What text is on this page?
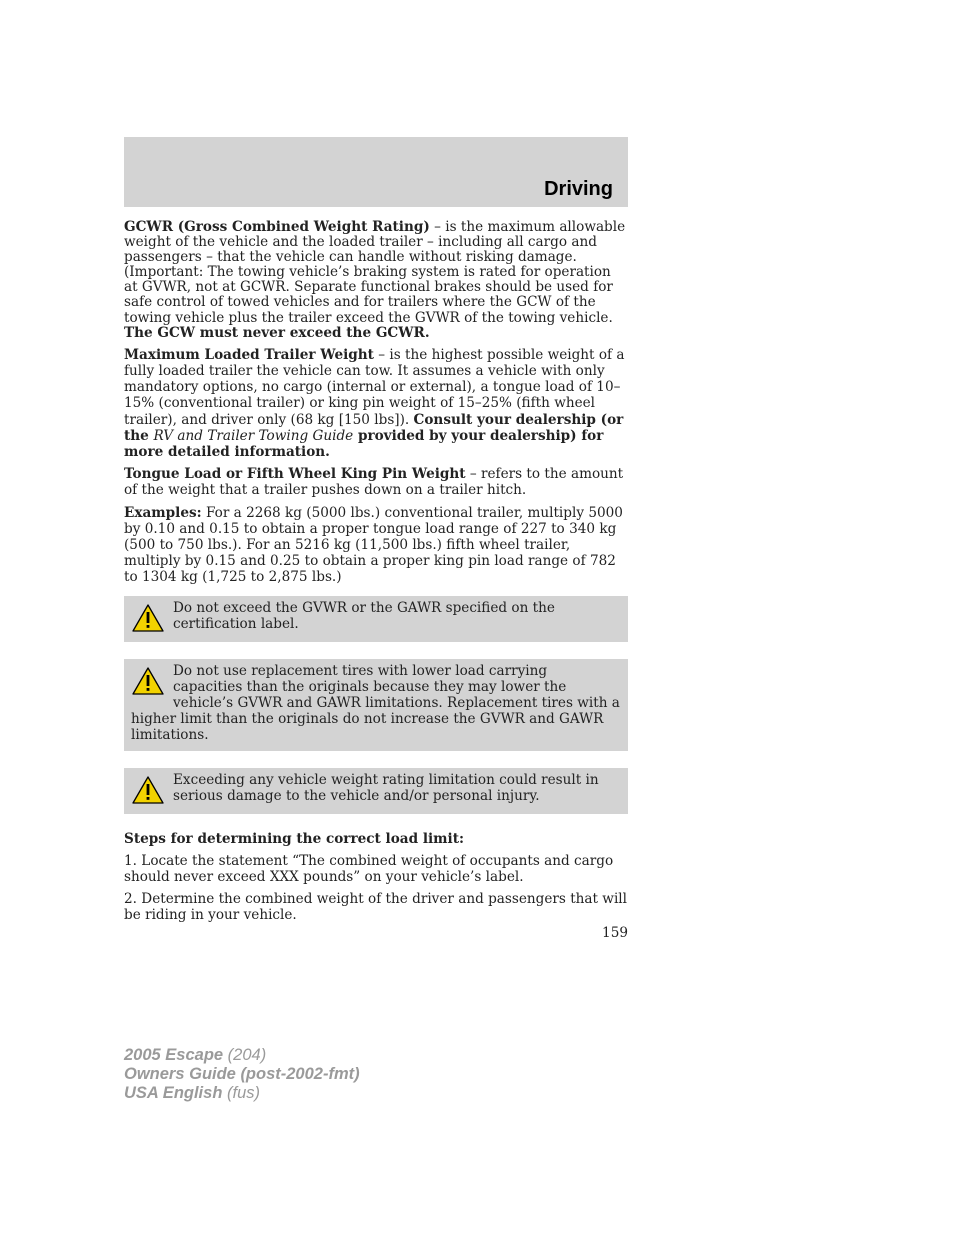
Driving

GCWR (Gross Combined Weight Rating) – is the maximum allowable weight of the vehicle and the loaded trailer – including all cargo and passengers – that the vehicle can handle without risking damage. (Important: The towing vehicle’s braking system is rated for operation at GVWR, not at GCWR. Separate functional brakes should be used for safe control of towed vehicles and for trailers where the GCW of the towing vehicle plus the trailer exceed the GVWR of the towing vehicle. The GCW must never exceed the GCWR.

Maximum Loaded Trailer Weight – is the highest possible weight of a fully loaded trailer the vehicle can tow. It assumes a vehicle with only mandatory options, no cargo (internal or external), a tongue load of 10–15% (conventional trailer) or king pin weight of 15–25% (fifth wheel trailer), and driver only (68 kg [150 lbs]). Consult your dealership (or the RV and Trailer Towing Guide provided by your dealership) for more detailed information.

Tongue Load or Fifth Wheel King Pin Weight – refers to the amount of the weight that a trailer pushes down on a trailer hitch.

Examples: For a 2268 kg (5000 lbs.) conventional trailer, multiply 5000 by 0.10 and 0.15 to obtain a proper tongue load range of 227 to 340 kg (500 to 750 lbs.). For an 5216 kg (11,500 lbs.) fifth wheel trailer, multiply by 0.15 and 0.25 to obtain a proper king pin load range of 782 to 1304 kg (1,725 to 2,875 lbs.)

Do not exceed the GVWR or the GAWR specified on the certification label.

Do not use replacement tires with lower load carrying capacities than the originals because they may lower the vehicle’s GVWR and GAWR limitations. Replacement tires with a higher limit than the originals do not increase the GVWR and GAWR limitations.

Exceeding any vehicle weight rating limitation could result in serious damage to the vehicle and/or personal injury.

Steps for determining the correct load limit:

1. Locate the statement “The combined weight of occupants and cargo should never exceed XXX pounds” on your vehicle’s label.

2. Determine the combined weight of the driver and passengers that will be riding in your vehicle.

159
2005 Escape (204)
Owners Guide (post-2002-fmt)
USA English (fus)
